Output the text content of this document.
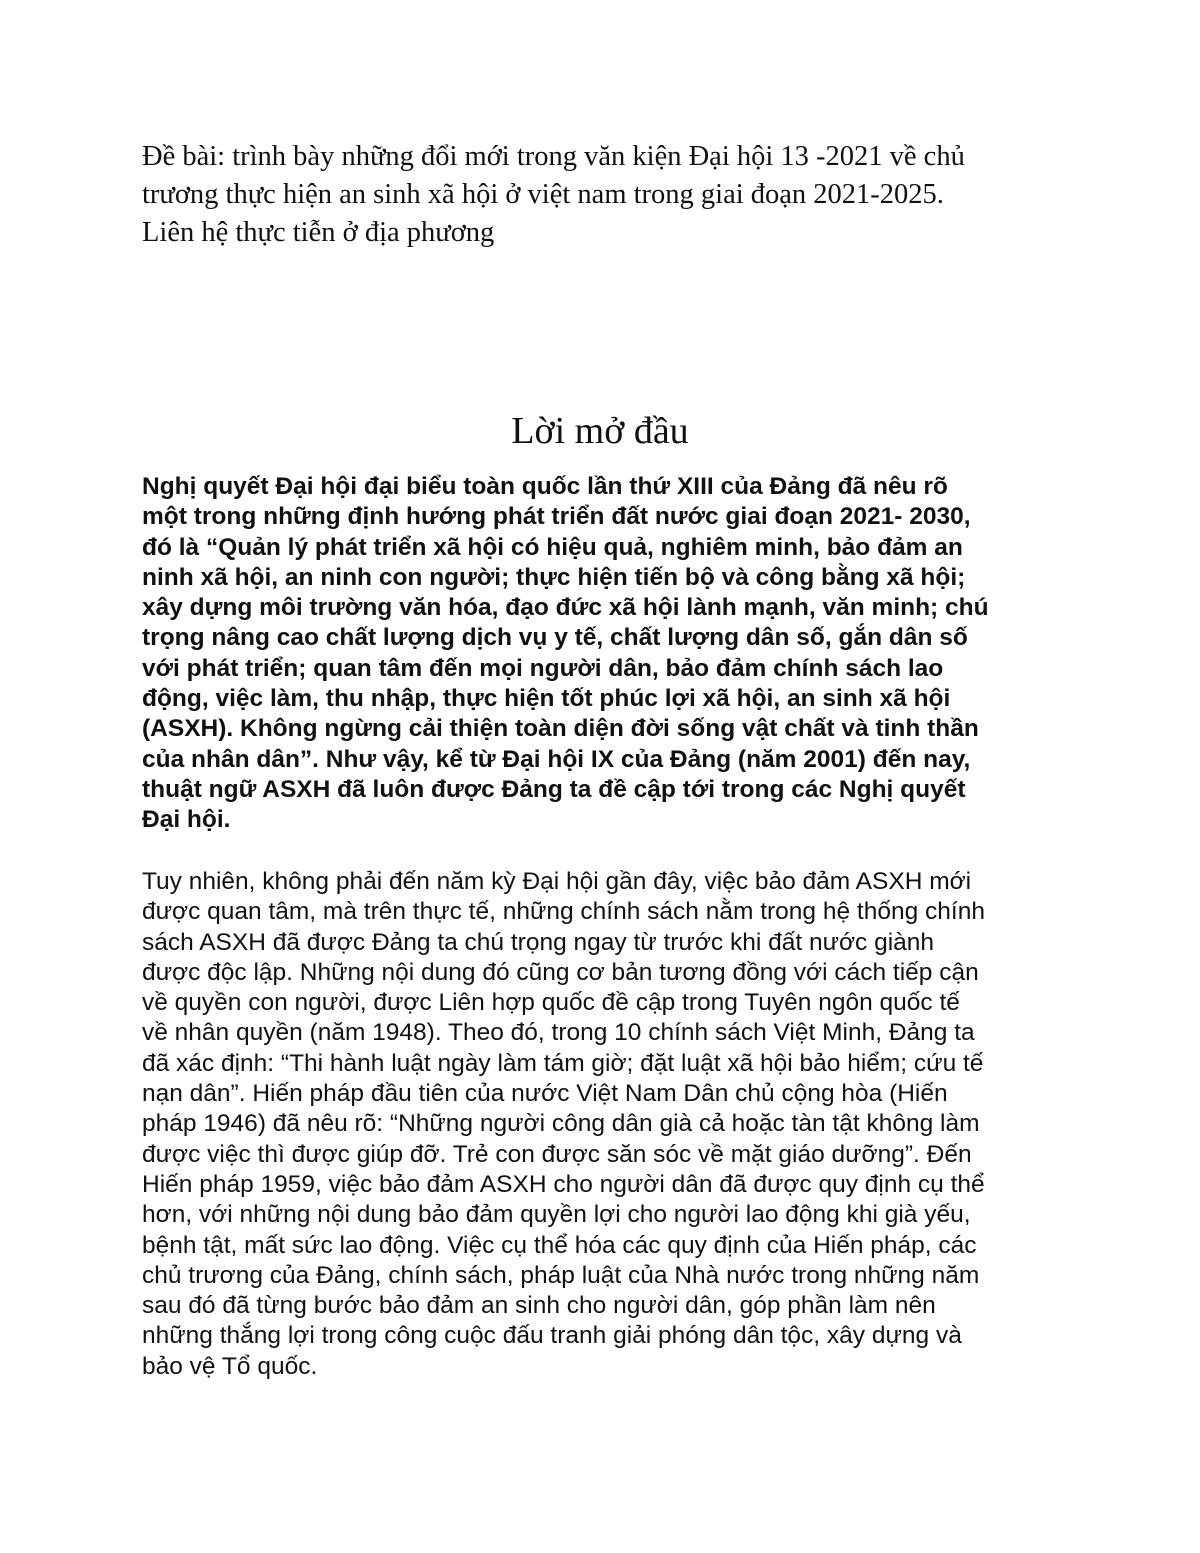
Đề bài: trình bày những đổi mới trong văn kiện Đại hội 13 -2021 về chủ
trương thực hiện an sinh xã hội ở việt nam trong giai đoạn 2021-2025.
Liên hệ thực tiễn ở địa phương

Lời mở đầu

Nghị quyết Đại hội đại biểu toàn quốc lần thứ XIII của Đảng đã nêu rõ
một trong những định hướng phát triển đất nước giai đoạn 2021- 2030,
đó là “Quản lý phát triển xã hội có hiệu quả, nghiêm minh, bảo đảm an
ninh xã hội, an ninh con người; thực hiện tiến bộ và công bằng xã hội;
xây dựng môi trường văn hóa, đạo đức xã hội lành mạnh, văn minh; chú
trọng nâng cao chất lượng dịch vụ y tế, chất lượng dân số, gắn dân số
với phát triển; quan tâm đến mọi người dân, bảo đảm chính sách lao
động, việc làm, thu nhập, thực hiện tốt phúc lợi xã hội, an sinh xã hội
(ASXH). Không ngừng cải thiện toàn diện đời sống vật chất và tinh thần
của nhân dân”. Như vậy, kể từ Đại hội IX của Đảng (năm 2001) đến nay,
thuật ngữ ASXH đã luôn được Đảng ta đề cập tới trong các Nghị quyết
Đại hội.

Tuy nhiên, không phải đến năm kỳ Đại hội gần đây, việc bảo đảm ASXH mới
được quan tâm, mà trên thực tế, những chính sách nằm trong hệ thống chính
sách ASXH đã được Đảng ta chú trọng ngay từ trước khi đất nước giành
được độc lập. Những nội dung đó cũng cơ bản tương đồng với cách tiếp cận
về quyền con người, được Liên hợp quốc đề cập trong Tuyên ngôn quốc tế
về nhân quyền (năm 1948). Theo đó, trong 10 chính sách Việt Minh, Đảng ta
đã xác định: “Thi hành luật ngày làm tám giờ; đặt luật xã hội bảo hiểm; cứu tế
nạn dân”. Hiến pháp đầu tiên của nước Việt Nam Dân chủ cộng hòa (Hiến
pháp 1946) đã nêu rõ: “Những người công dân già cả hoặc tàn tật không làm
được việc thì được giúp đỡ. Trẻ con được săn sóc về mặt giáo dưỡng”. Đến
Hiến pháp 1959, việc bảo đảm ASXH cho người dân đã được quy định cụ thể
hơn, với những nội dung bảo đảm quyền lợi cho người lao động khi già yếu,
bệnh tật, mất sức lao động. Việc cụ thể hóa các quy định của Hiến pháp, các
chủ trương của Đảng, chính sách, pháp luật của Nhà nước trong những năm
sau đó đã từng bước bảo đảm an sinh cho người dân, góp phần làm nên
những thắng lợi trong công cuộc đấu tranh giải phóng dân tộc, xây dựng và
bảo vệ Tổ quốc.
